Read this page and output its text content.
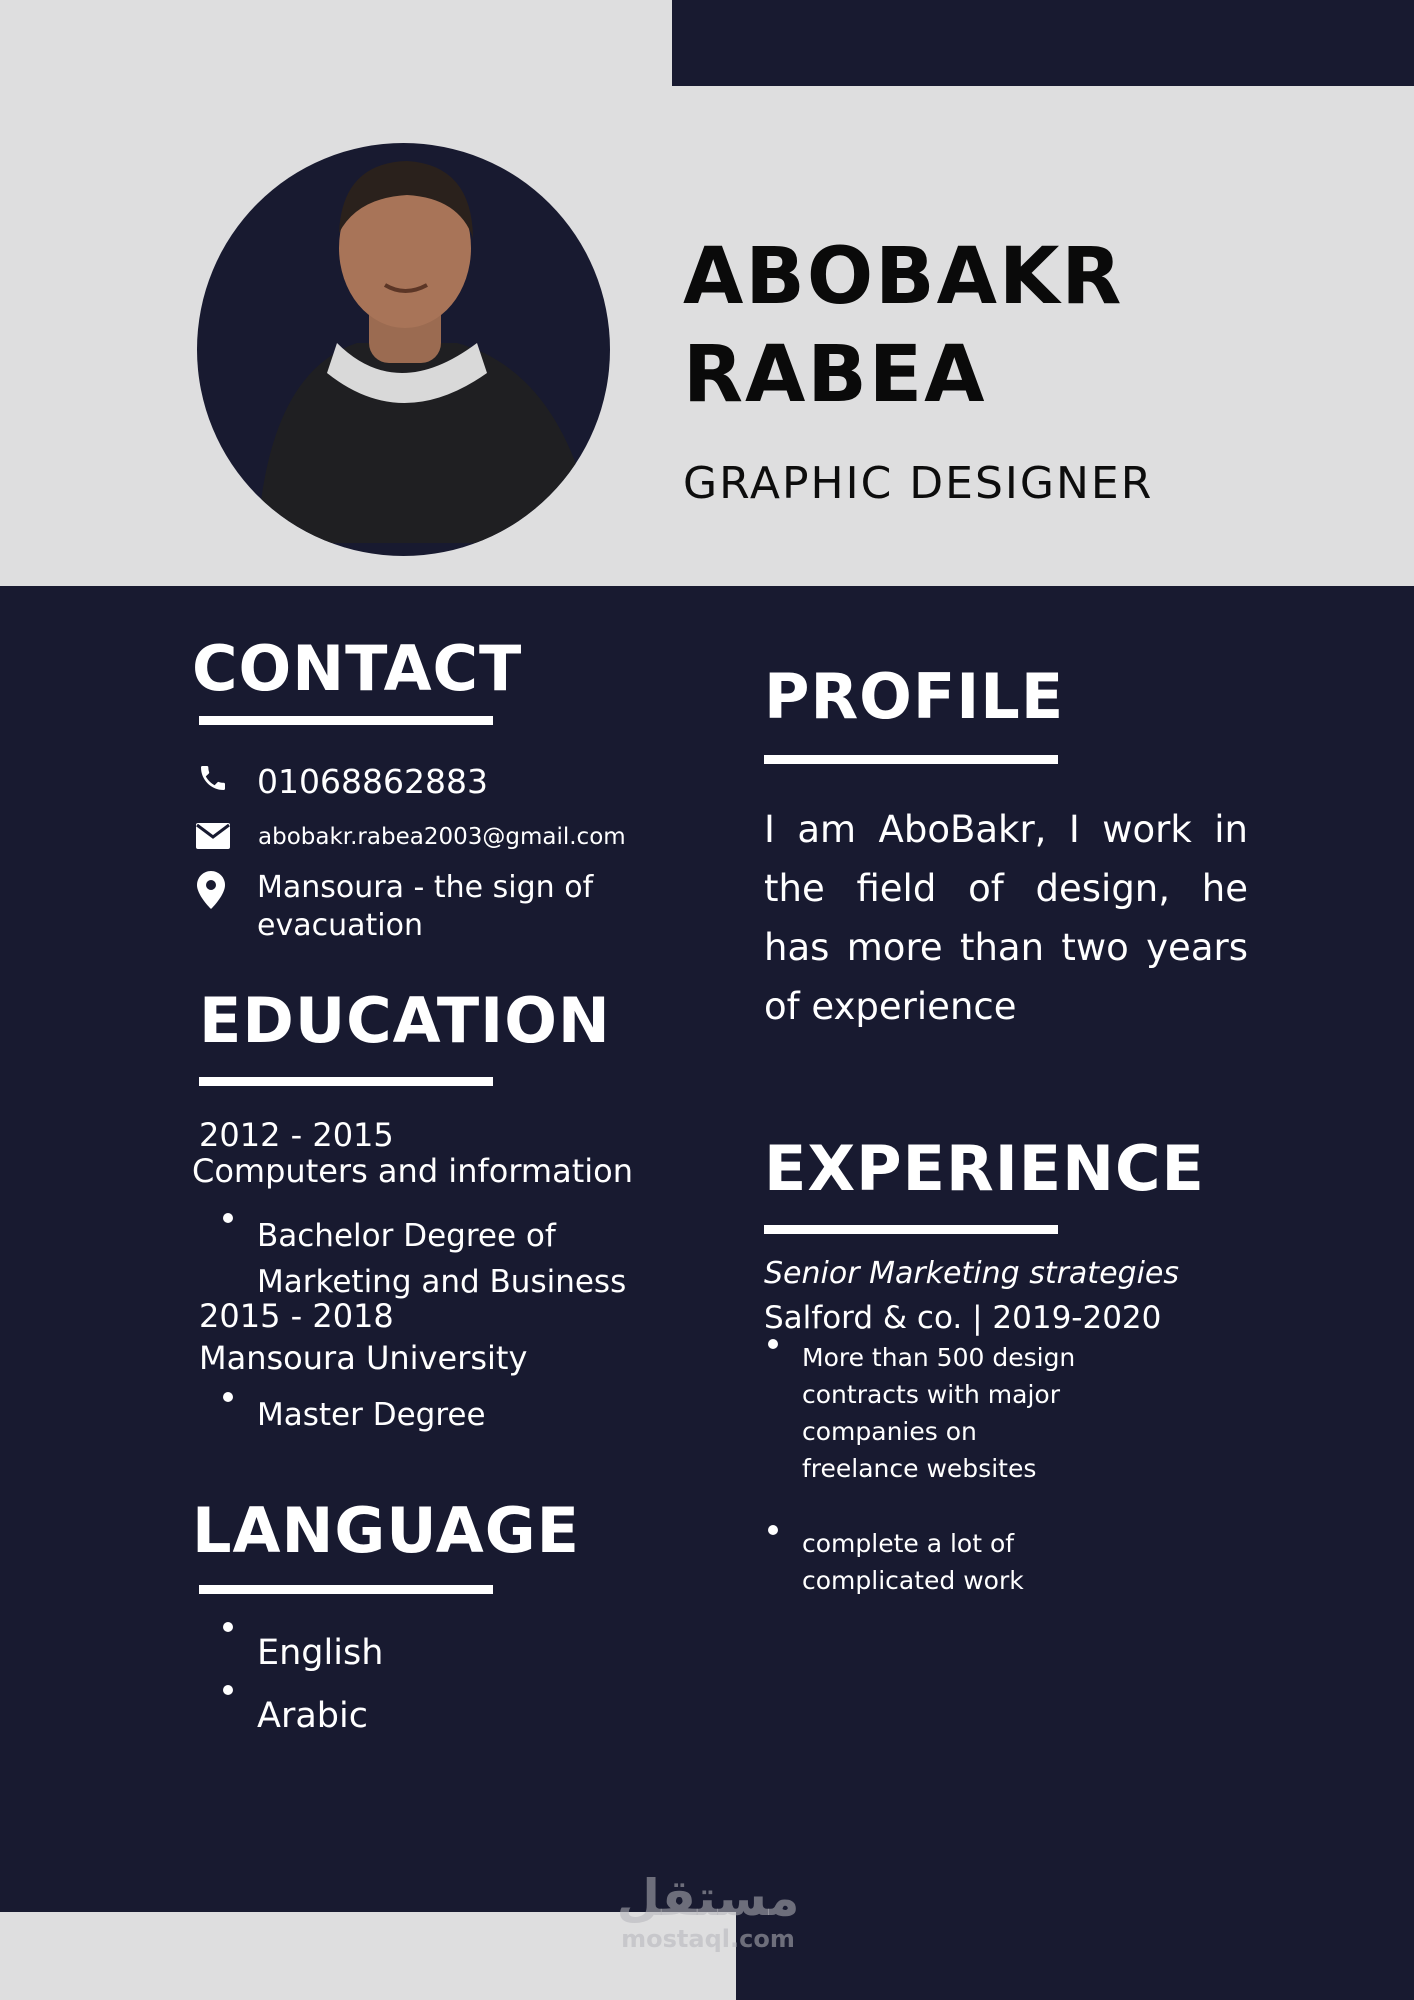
ABOBAKR
RABEA
GRAPHIC DESIGNER
CONTACT
01068862883
abobakr.rabea2003@gmail.com
Mansoura - the sign of
evacuation
EDUCATION
2012 - 2015
Computers and information
Bachelor Degree of
Marketing and Business
2015 - 2018
Mansoura University
Master Degree
LANGUAGE
English
Arabic
PROFILE
I am AboBakr, I work in
the field of design, he
has more than two years
of experience
EXPERIENCE
Senior Marketing strategies
Salford & co. | 2019-2020
More than 500 design
contracts with major
companies on
freelance websites
complete a lot of
complicated work
مستقل
mostaql.com
